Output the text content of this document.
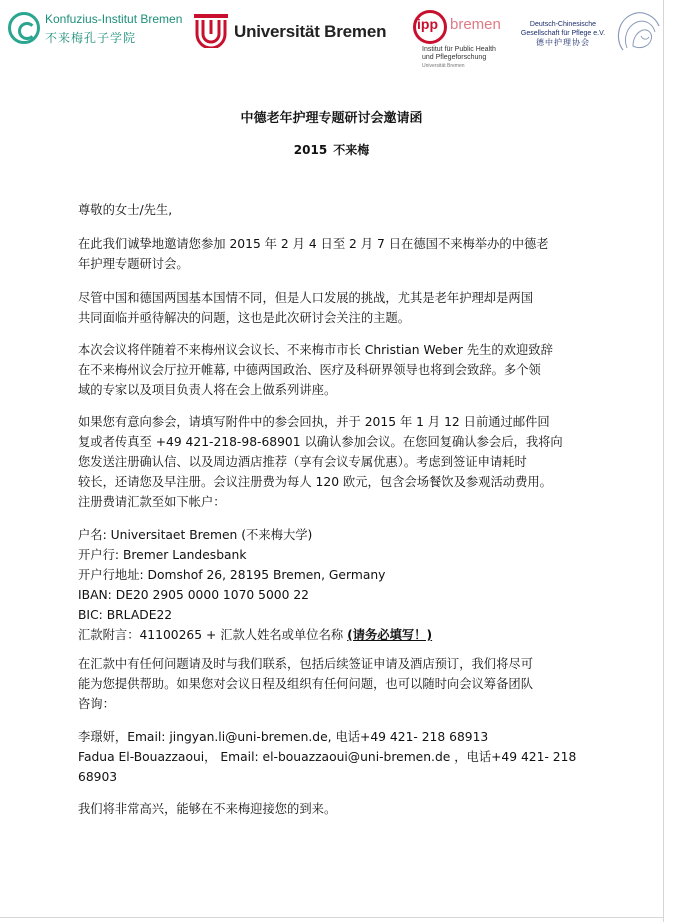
Konfuzius-Institut Bremen
不来梅孔子学院	Universität Bremen ipp bremen
Institut für Public Health
und Pflegeforschung
Universität Bremen
Deutsch-Chinesische
Gesellschaft für Pflege e.V.
德中护理协会
中德老年护理专题研讨会邀请函
2015 不来梅
尊敬的女士/先生,
在此我们诚挚地邀请您参加 2015 年 2 月 4 日至 2 月 7 日在德国不来梅举办的中德老
年护理专题研讨会。
尽管中国和德国两国基本国情不同，但是人口发展的挑战，尤其是老年护理却是两国
共同面临并亟待解决的问题，这也是此次研讨会关注的主题。
本次会议将伴随着不来梅州议会议长、不来梅市市长 Christian Weber 先生的欢迎致辞
在不来梅州议会厅拉开帷幕, 中德两国政治、医疗及科研界领导也将到会致辞。多个领
域的专家以及项目负责人将在会上做系列讲座。
如果您有意向参会，请填写附件中的参会回执，并于 2015 年 1 月 12 日前通过邮件回
复或者传真至 +49 421-218-98-68901 以确认参加会议。在您回复确认参会后，我将向
您发送注册确认信、以及周边酒店推荐（享有会议专属优惠）。考虑到签证申请耗时
较长，还请您及早注册。会议注册费为每人 120 欧元，包含会场餐饮及参观活动费用。
注册费请汇款至如下帐户：
户名: Universitaet Bremen (不来梅大学)
开户行: Bremer Landesbank
开户行地址: Domshof 26, 28195 Bremen, Germany
IBAN: DE20 2905 0000 1070 5000 22
BIC: BRLADE22
汇款附言：41100265 + 汇款人姓名或单位名称 (请务必填写！)
在汇款中有任何问题请及时与我们联系，包括后续签证申请及酒店预订，我们将尽可
能为您提供帮助。如果您对会议日程及组织有任何问题，也可以随时向会议筹备团队
咨询：
李璟妍，Email: jingyan.li@uni-bremen.de, 电话+49 421- 218 68913
Fadua El-Bouazzaoui， Email: el-bouazzaoui@uni-bremen.de ，电话+49 421- 218
68903
我们将非常高兴，能够在不来梅迎接您的到来。
